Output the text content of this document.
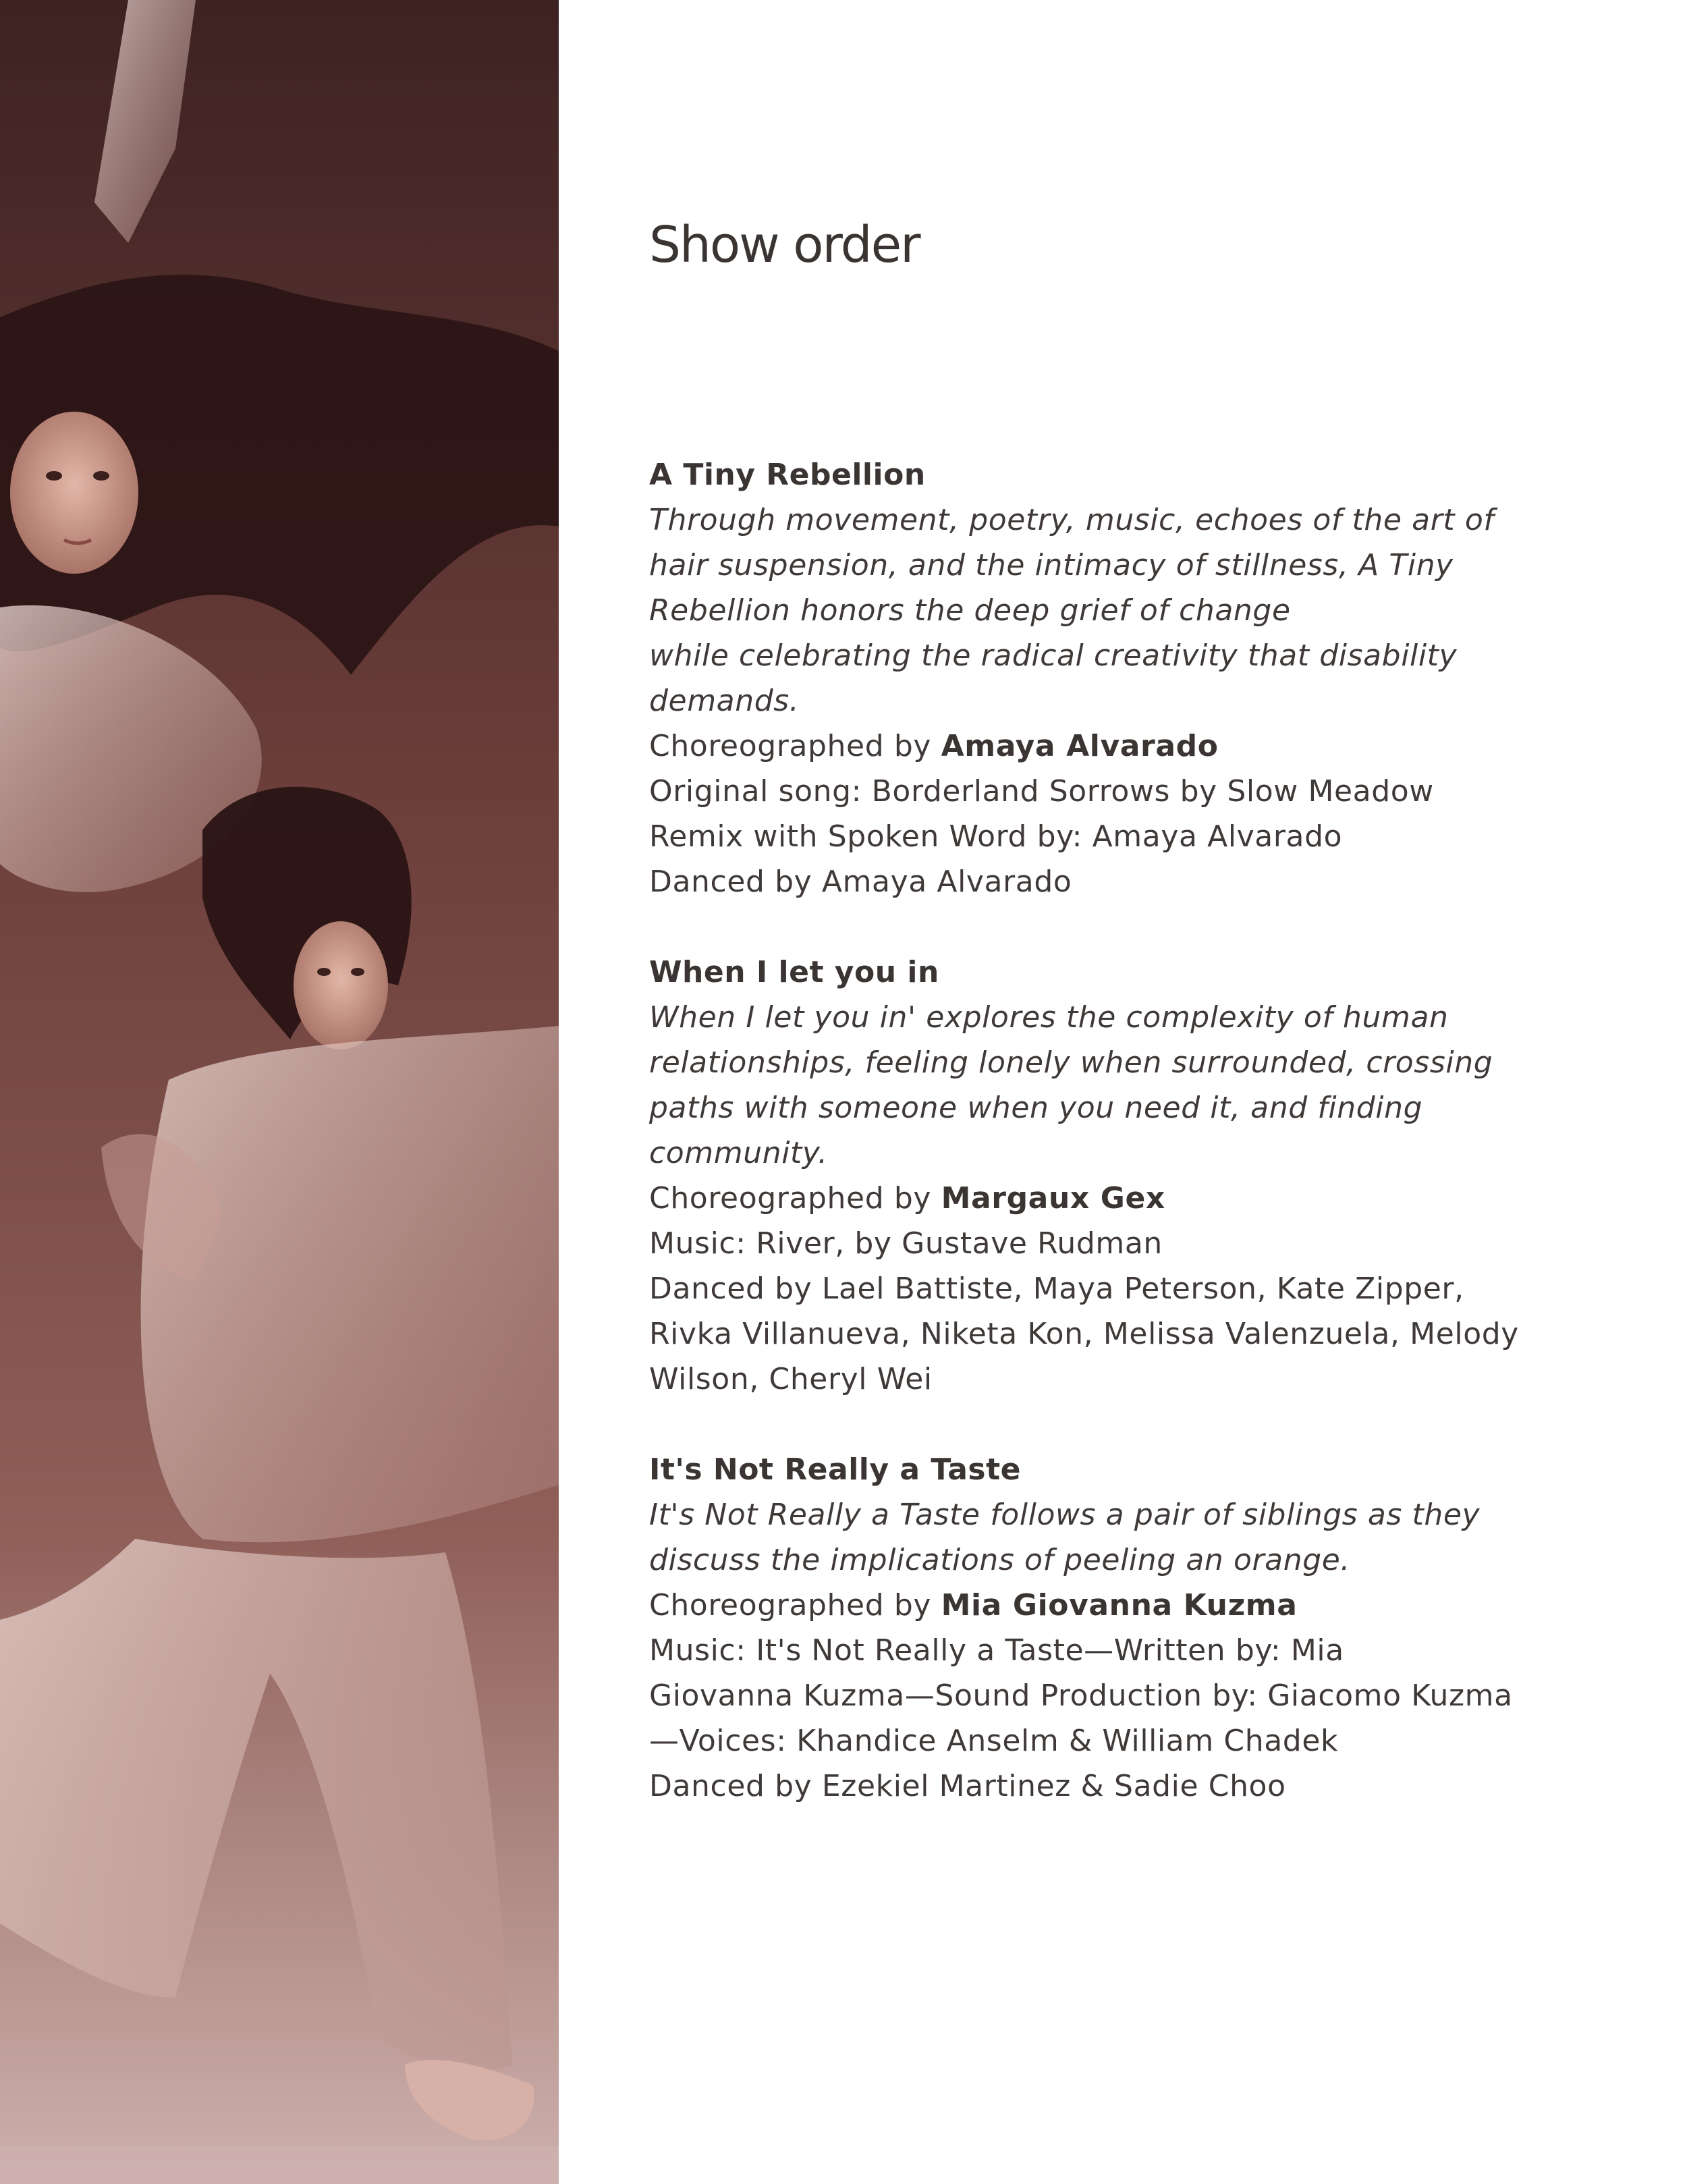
Show order

A Tiny Rebellion

Through movement, poetry, music, echoes of the art of

hair suspension, and the intimacy of stillness, A Tiny

Rebellion honors the deep grief of change

while celebrating the radical creativity that disability

demands.

Choreographed by Amaya Alvarado

Original song: Borderland Sorrows by Slow Meadow

Remix with Spoken Word by: Amaya Alvarado

Danced by Amaya Alvarado

When I let you in

When I let you in' explores the complexity of human

relationships, feeling lonely when surrounded, crossing

paths with someone when you need it, and finding

community.

Choreographed by Margaux Gex

Music: River, by Gustave Rudman

Danced by Lael Battiste, Maya Peterson, Kate Zipper,

Rivka Villanueva, Niketa Kon, Melissa Valenzuela, Melody

Wilson, Cheryl Wei

It's Not Really a Taste

It's Not Really a Taste follows a pair of siblings as they

discuss the implications of peeling an orange.

Choreographed by Mia Giovanna Kuzma

Music: It's Not Really a Taste—Written by: Mia

Giovanna Kuzma—Sound Production by: Giacomo Kuzma

—Voices: Khandice Anselm & William Chadek

Danced by Ezekiel Martinez & Sadie Choo
